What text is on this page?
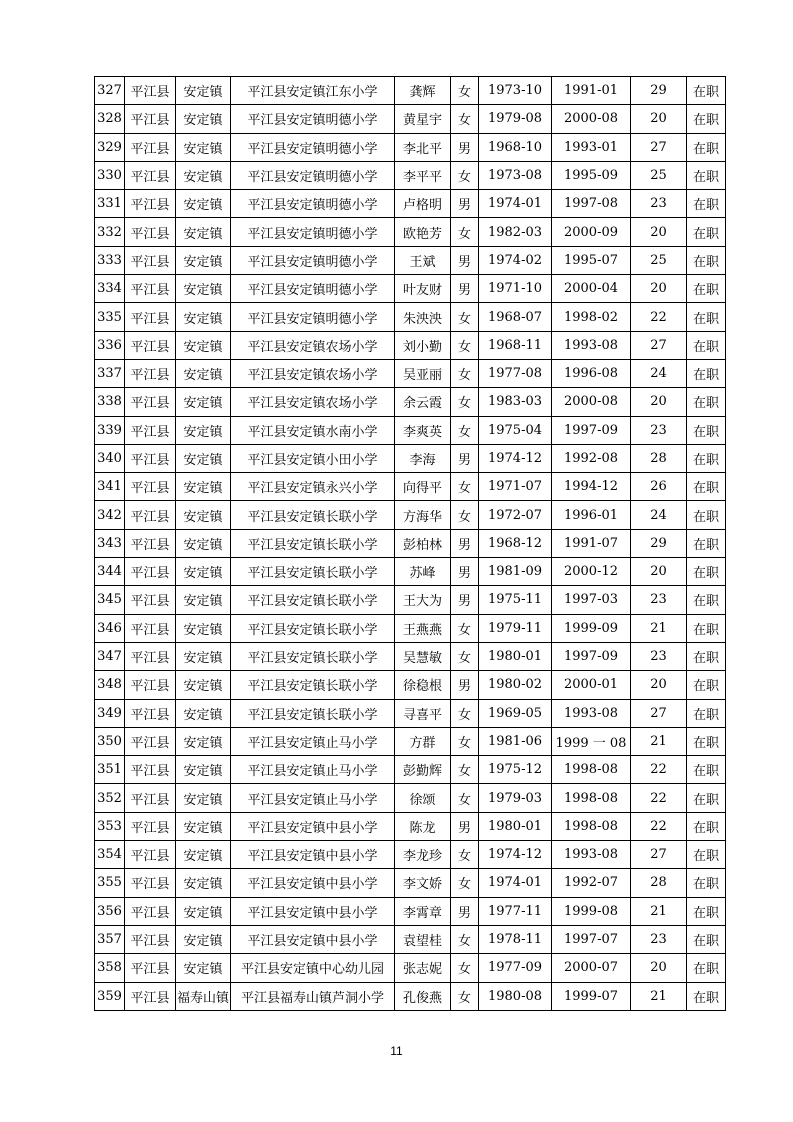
327	平江县	安定镇	平江县安定镇江东小学	龚辉	女	1973-10	1991-01	29	在职
328	平江县	安定镇	平江县安定镇明德小学	黄星宇	女	1979-08	2000-08	20	在职
329	平江县	安定镇	平江县安定镇明德小学	李北平	男	1968-10	1993-01	27	在职
330	平江县	安定镇	平江县安定镇明德小学	李平平	女	1973-08	1995-09	25	在职
331	平江县	安定镇	平江县安定镇明德小学	卢格明	男	1974-01	1997-08	23	在职
332	平江县	安定镇	平江县安定镇明德小学	欧艳芳	女	1982-03	2000-09	20	在职
333	平江县	安定镇	平江县安定镇明德小学	王斌	男	1974-02	1995-07	25	在职
334	平江县	安定镇	平江县安定镇明德小学	叶友财	男	1971-10	2000-04	20	在职
335	平江县	安定镇	平江县安定镇明德小学	朱泱泱	女	1968-07	1998-02	22	在职
336	平江县	安定镇	平江县安定镇农场小学	刘小勤	女	1968-11	1993-08	27	在职
337	平江县	安定镇	平江县安定镇农场小学	吴亚丽	女	1977-08	1996-08	24	在职
338	平江县	安定镇	平江县安定镇农场小学	余云霞	女	1983-03	2000-08	20	在职
339	平江县	安定镇	平江县安定镇水南小学	李爽英	女	1975-04	1997-09	23	在职
340	平江县	安定镇	平江县安定镇小田小学	李海	男	1974-12	1992-08	28	在职
341	平江县	安定镇	平江县安定镇永兴小学	向得平	女	1971-07	1994-12	26	在职
342	平江县	安定镇	平江县安定镇长联小学	方海华	女	1972-07	1996-01	24	在职
343	平江县	安定镇	平江县安定镇长联小学	彭柏林	男	1968-12	1991-07	29	在职
344	平江县	安定镇	平江县安定镇长联小学	苏峰	男	1981-09	2000-12	20	在职
345	平江县	安定镇	平江县安定镇长联小学	王大为	男	1975-11	1997-03	23	在职
346	平江县	安定镇	平江县安定镇长联小学	王燕燕	女	1979-11	1999-09	21	在职
347	平江县	安定镇	平江县安定镇长联小学	吴慧敏	女	1980-01	1997-09	23	在职
348	平江县	安定镇	平江县安定镇长联小学	徐稳根	男	1980-02	2000-01	20	在职
349	平江县	安定镇	平江县安定镇长联小学	寻喜平	女	1969-05	1993-08	27	在职
350	平江县	安定镇	平江县安定镇止马小学	方群	女	1981-06	1999 一 08	21	在职
351	平江县	安定镇	平江县安定镇止马小学	彭勤辉	女	1975-12	1998-08	22	在职
352	平江县	安定镇	平江县安定镇止马小学	徐颂	女	1979-03	1998-08	22	在职
353	平江县	安定镇	平江县安定镇中县小学	陈龙	男	1980-01	1998-08	22	在职
354	平江县	安定镇	平江县安定镇中县小学	李龙珍	女	1974-12	1993-08	27	在职
355	平江县	安定镇	平江县安定镇中县小学	李文娇	女	1974-01	1992-07	28	在职
356	平江县	安定镇	平江县安定镇中县小学	李霄章	男	1977-11	1999-08	21	在职
357	平江县	安定镇	平江县安定镇中县小学	袁望桂	女	1978-11	1997-07	23	在职
358	平江县	安定镇	平江县安定镇中心幼儿园	张志妮	女	1977-09	2000-07	20	在职
359	平江县	福寿山镇	平江县福寿山镇芦洞小学	孔俊燕	女	1980-08	1999-07	21	在职
11
